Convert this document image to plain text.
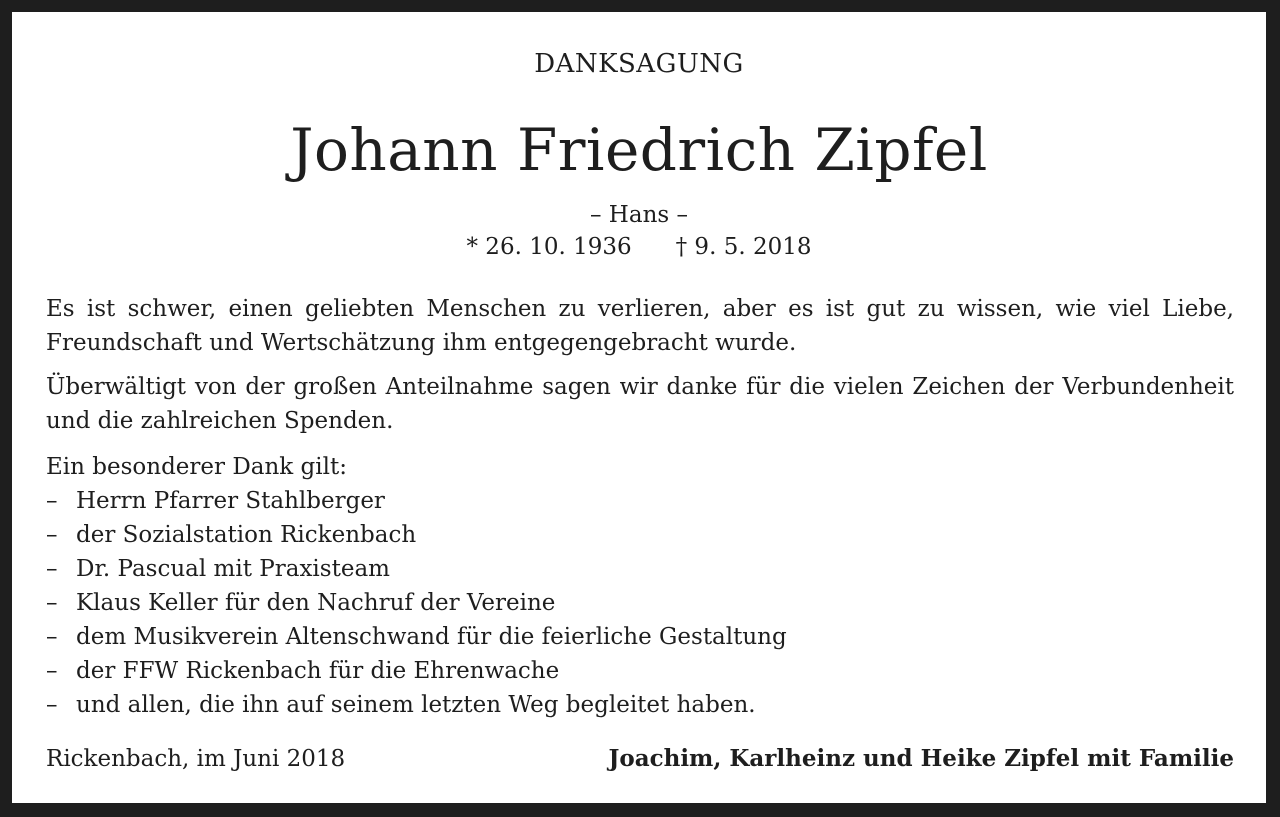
DANKSAGUNG
Johann Friedrich Zipfel
– Hans –
* 26. 10. 1936 † 9. 5. 2018

Es ist schwer, einen geliebten Menschen zu verlieren, aber es ist gut zu wissen, wie viel Liebe, Freundschaft und Wertschätzung ihm entgegengebracht wurde.

Überwältigt von der großen Anteilnahme sagen wir danke für die vielen Zeichen der Verbundenheit und die zahlreichen Spenden.

Ein besonderer Dank gilt:

– Herrn Pfarrer Stahlberger
– der Sozialstation Rickenbach
– Dr. Pascual mit Praxisteam
– Klaus Keller für den Nachruf der Vereine
– dem Musikverein Altenschwand für die feierliche Gestaltung
– der FFW Rickenbach für die Ehrenwache
– und allen, die ihn auf seinem letzten Weg begleitet haben.
Rickenbach, im Juni 2018	Joachim, Karlheinz und Heike Zipfel mit Familie
